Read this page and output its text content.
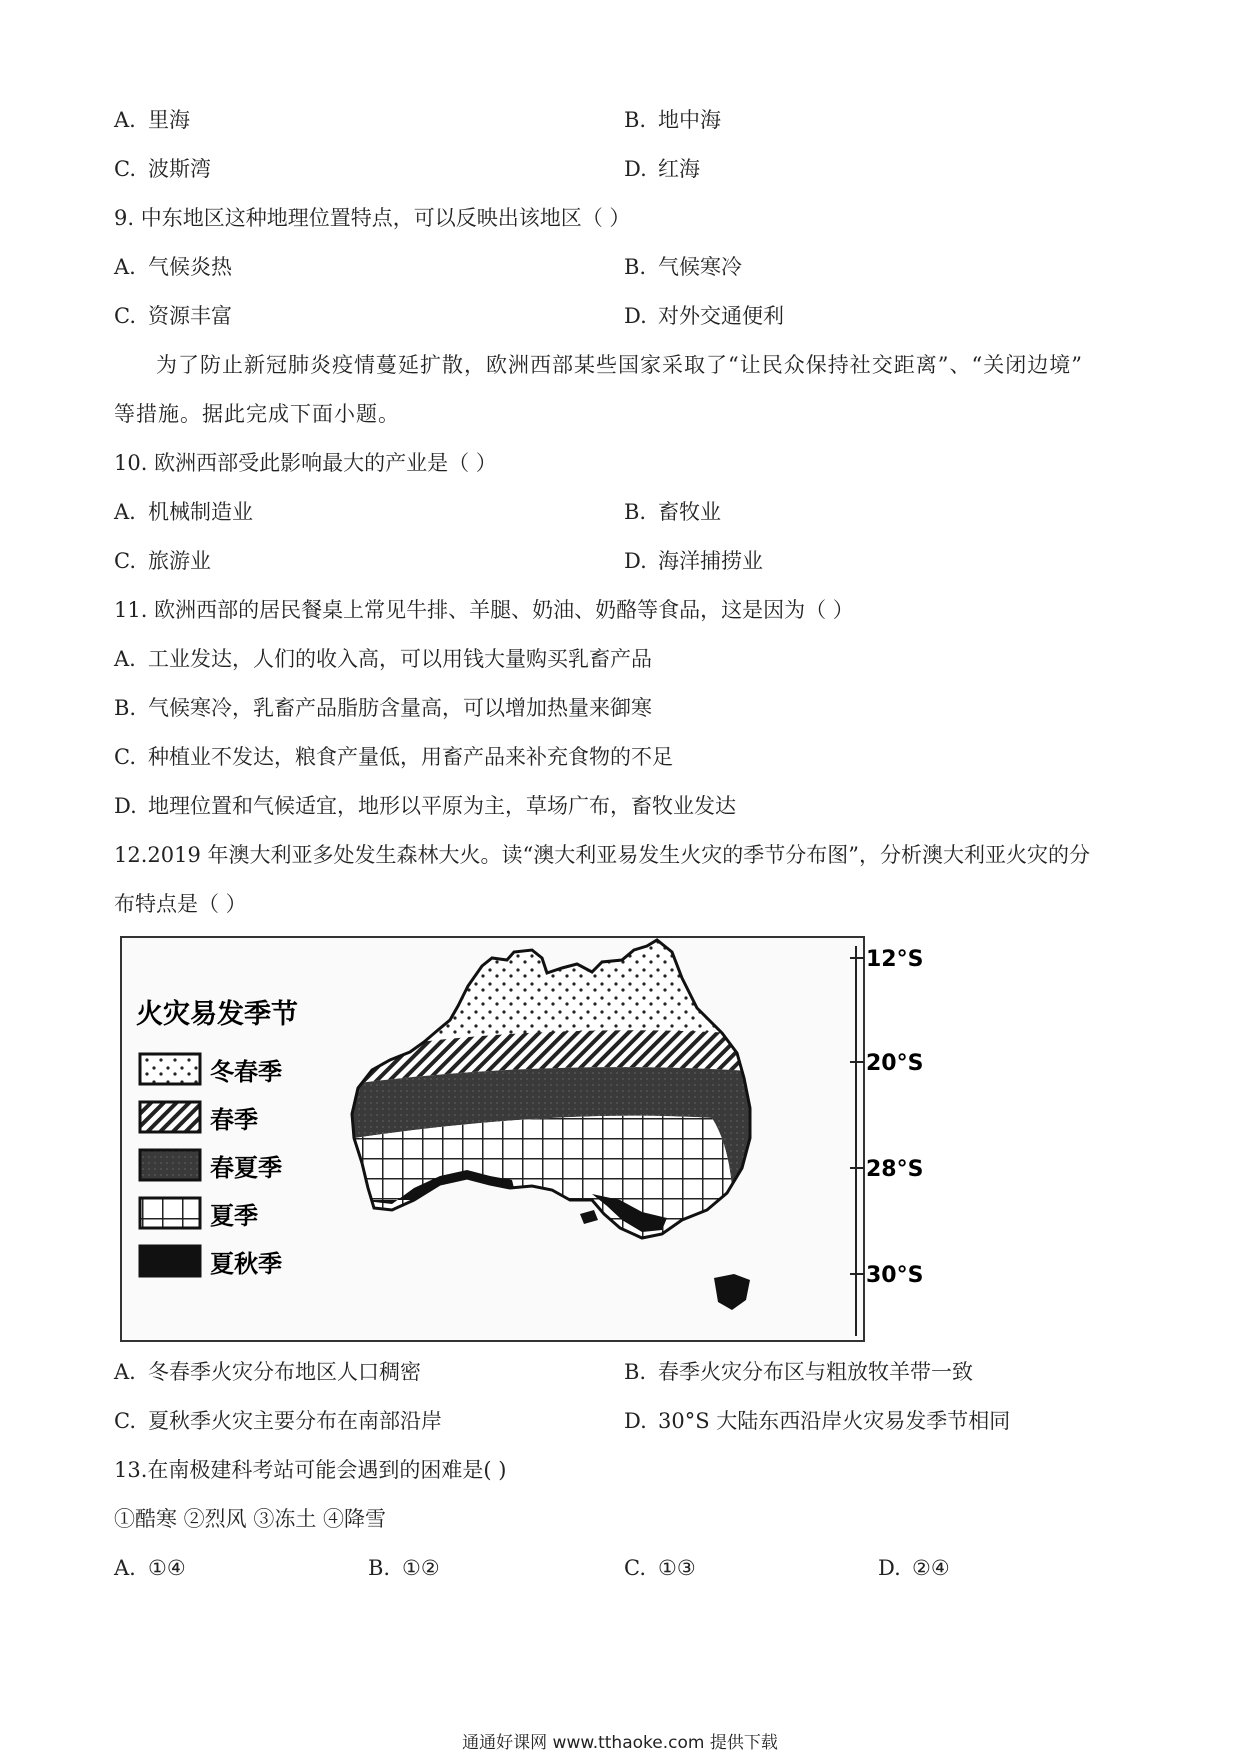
A. 里海	B. 地中海
C. 波斯湾	D. 红海
9. 中东地区这种地理位置特点，可以反映出该地区（ ）
A. 气候炎热	B. 气候寒冷
C. 资源丰富	D. 对外交通便利
为了防止新冠肺炎疫情蔓延扩散，欧洲西部某些国家采取了“让民众保持社交距离”、“关闭边境”
等措施。据此完成下面小题。
10. 欧洲西部受此影响最大的产业是（ ）
A. 机械制造业	B. 畜牧业
C. 旅游业	D. 海洋捕捞业
11. 欧洲西部的居民餐桌上常见牛排、羊腿、奶油、奶酪等食品，这是因为（ ）
A. 工业发达，人们的收入高，可以用钱大量购买乳畜产品
B. 气候寒冷，乳畜产品脂肪含量高，可以增加热量来御寒
C. 种植业不发达，粮食产量低，用畜产品来补充食物的不足
D. 地理位置和气候适宜，地形以平原为主，草场广布，畜牧业发达
12.2019 年澳大利亚多处发生森林大火。读“澳大利亚易发生火灾的季节分布图”，分析澳大利亚火灾的分
布特点是（ ）
火灾易发季节
冬春季
春季
春夏季
夏季
夏秋季
12°S
20°S
28°S
30°S
A. 冬春季火灾分布地区人口稠密	B. 春季火灾分布区与粗放牧羊带一致
C. 夏秋季火灾主要分布在南部沿岸	D. 30°S 大陆东西沿岸火灾易发季节相同
13.在南极建科考站可能会遇到的困难是( )
①酷寒 ②烈风 ③冻土 ④降雪
A. ①④	B. ①②	C. ①③	D. ②④
通通好课网 www.tthaoke.com 提供下载
